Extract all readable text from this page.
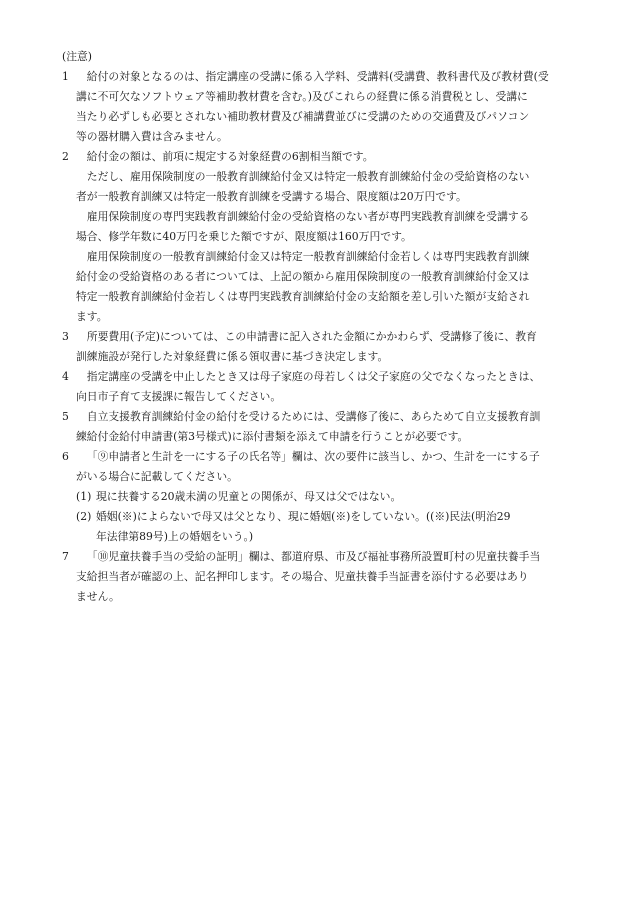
(注意)
1	給付の対象となるのは、指定講座の受講に係る入学料、受講料(受講費、教科書代及び教材費(受
講に不可欠なソフトウェア等補助教材費を含む。)及びこれらの経費に係る消費税とし、受講に
当たり必ずしも必要とされない補助教材費及び補講費並びに受講のための交通費及びパソコン
等の器材購入費は含みません。
2	給付金の額は、前項に規定する対象経費の6割相当額です。
ただし、雇用保険制度の一般教育訓練給付金又は特定一般教育訓練給付金の受給資格のない
者が一般教育訓練又は特定一般教育訓練を受講する場合、限度額は20万円です。
雇用保険制度の専門実践教育訓練給付金の受給資格のない者が専門実践教育訓練を受講する
場合、修学年数に40万円を乗じた額ですが、限度額は160万円です。
雇用保険制度の一般教育訓練給付金又は特定一般教育訓練給付金若しくは専門実践教育訓練
給付金の受給資格のある者については、上記の額から雇用保険制度の一般教育訓練給付金又は
特定一般教育訓練給付金若しくは専門実践教育訓練給付金の支給額を差し引いた額が支給され
ます。
3	所要費用(予定)については、この申請書に記入された金額にかかわらず、受講修了後に、教育
訓練施設が発行した対象経費に係る領収書に基づき決定します。
4	指定講座の受講を中止したとき又は母子家庭の母若しくは父子家庭の父でなくなったときは、
向日市子育て支援課に報告してください。
5	自立支援教育訓練給付金の給付を受けるためには、受講修了後に、あらためて自立支援教育訓
練給付金給付申請書(第3号様式)に添付書類を添えて申請を行うことが必要です。
6	「⑨申請者と生計を一にする子の氏名等」欄は、次の要件に該当し、かつ、生計を一にする子
がいる場合に記載してください。
(1) 現に扶養する20歳未満の児童との関係が、母又は父ではない。
(2) 婚姻(※)によらないで母又は父となり、現に婚姻(※)をしていない。((※)民法(明治29
年法律第89号)上の婚姻をいう。)
7	「⑩児童扶養手当の受給の証明」欄は、都道府県、市及び福祉事務所設置町村の児童扶養手当
支給担当者が確認の上、記名押印します。その場合、児童扶養手当証書を添付する必要はあり
ません。
